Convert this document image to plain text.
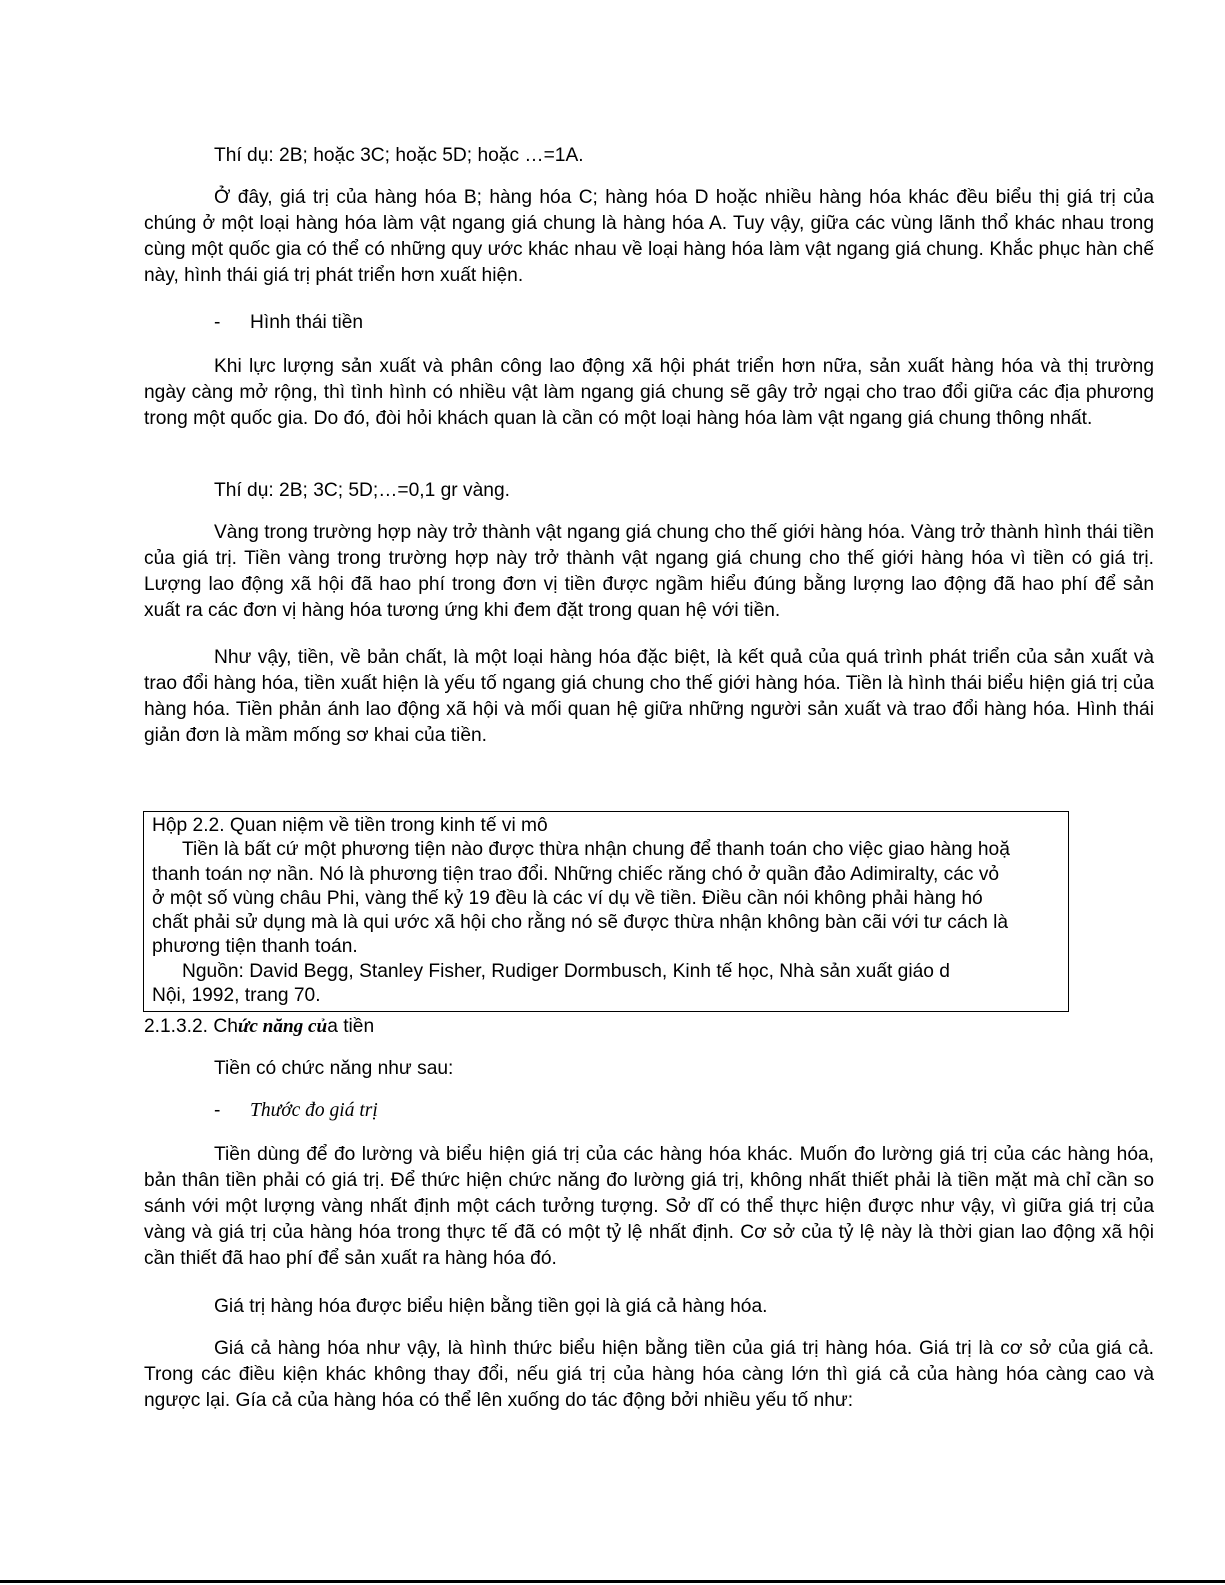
Thí dụ: 2B; hoặc 3C; hoặc 5D; hoặc …=1A.

Ở đây, giá trị của hàng hóa B; hàng hóa C; hàng hóa D hoặc nhiều hàng hóa khác đều biểu thị giá trị của chúng ở một loại hàng hóa làm vật ngang giá chung là hàng hóa A. Tuy vậy, giữa các vùng lãnh thổ khác nhau trong cùng một quốc gia có thể có những quy ước khác nhau về loại hàng hóa làm vật ngang giá chung. Khắc phục hàn chế này, hình thái giá trị phát triển hơn xuất hiện.

- Hình thái tiền

Khi lực lượng sản xuất và phân công lao động xã hội phát triển hơn nữa, sản xuất hàng hóa và thị trường ngày càng mở rộng, thì tình hình có nhiều vật làm ngang giá chung sẽ gây trở ngại cho trao đổi giữa các địa phương trong một quốc gia. Do đó, đòi hỏi khách quan là cần có một loại hàng hóa làm vật ngang giá chung thông nhất.

Thí dụ: 2B; 3C; 5D;…=0,1 gr vàng.

Vàng trong trường hợp này trở thành vật ngang giá chung cho thế giới hàng hóa. Vàng trở thành hình thái tiền của giá trị. Tiền vàng trong trường hợp này trở thành vật ngang giá chung cho thế giới hàng hóa vì tiền có giá trị. Lượng lao động xã hội đã hao phí trong đơn vị tiền được ngầm hiểu đúng bằng lượng lao động đã hao phí để sản xuất ra các đơn vị hàng hóa tương ứng khi đem đặt trong quan hệ với tiền.

Như vậy, tiền, về bản chất, là một loại hàng hóa đặc biệt, là kết quả của quá trình phát triển của sản xuất và trao đổi hàng hóa, tiền xuất hiện là yếu tố ngang giá chung cho thế giới hàng hóa. Tiền là hình thái biểu hiện giá trị của hàng hóa. Tiền phản ánh lao động xã hội và mối quan hệ giữa những người sản xuất và trao đổi hàng hóa. Hình thái giản đơn là mầm mống sơ khai của tiền.

Hộp 2.2. Quan niệm về tiền trong kinh tế vi mô
Tiền là bất cứ một phương tiện nào được thừa nhận chung để thanh toán cho việc giao hàng hoặ
thanh toán nợ nần. Nó là phương tiện trao đổi. Những chiếc răng chó ở quần đảo Adimiralty, các vỏ
ở một số vùng châu Phi, vàng thế kỷ 19 đều là các ví dụ về tiền. Điều cần nói không phải hàng hó
chất phải sử dụng mà là qui ước xã hội cho rằng nó sẽ được thừa nhận không bàn cãi với tư cách là
phương tiện thanh toán.
Nguồn: David Begg, Stanley Fisher, Rudiger Dormbusch, Kinh tế học, Nhà sản xuất giáo d
Nội, 1992, trang 70.
2.1.3.2. Chức năng của tiền

Tiền có chức năng như sau:

- Thước đo giá trị

Tiền dùng để đo lường và biểu hiện giá trị của các hàng hóa khác. Muốn đo lường giá trị của các hàng hóa, bản thân tiền phải có giá trị. Để thức hiện chức năng đo lường giá trị, không nhất thiết phải là tiền mặt mà chỉ cần so sánh với một lượng vàng nhất định một cách tưởng tượng. Sở dĩ có thể thực hiện được như vậy, vì giữa giá trị của vàng và giá trị của hàng hóa trong thực tế đã có một tỷ lệ nhất định. Cơ sở của tỷ lệ này là thời gian lao động xã hội cần thiết đã hao phí để sản xuất ra hàng hóa đó.

Giá trị hàng hóa được biểu hiện bằng tiền gọi là giá cả hàng hóa.

Giá cả hàng hóa như vậy, là hình thức biểu hiện bằng tiền của giá trị hàng hóa. Giá trị là cơ sở của giá cả. Trong các điều kiện khác không thay đổi, nếu giá trị của hàng hóa càng lớn thì giá cả của hàng hóa càng cao và ngược lại. Gía cả của hàng hóa có thể lên xuống do tác động bởi nhiều yếu tố như:
